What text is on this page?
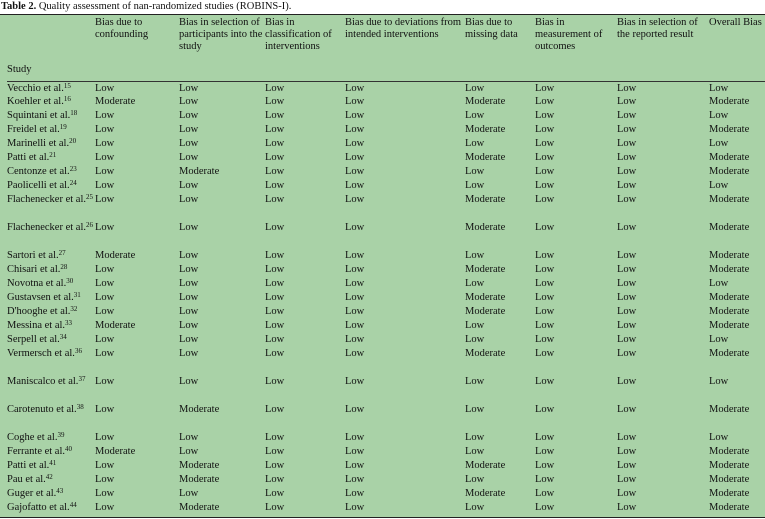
Table 2. Quality assessment of nan-randomized studies (ROBINS-I).
Study	Bias due to confounding	Bias in selection of participants into the study	Bias in classification of interventions	Bias due to deviations from intended interventions	Bias due to missing data	Bias in measurement of outcomes	Bias in selection of the reported result	Overall Bias
Vecchio et al.$^{15}$	Low	Low	Low	Low	Low	Low	Low	Low
Koehler et al.$^{16}$	Moderate	Low	Low	Low	Moderate	Low	Low	Moderate
Squintani et al.$^{18}$	Low	Low	Low	Low	Low	Low	Low	Low
Freidel et al.$^{19}$	Low	Low	Low	Low	Moderate	Low	Low	Moderate
Marinelli et al.$^{20}$	Low	Low	Low	Low	Low	Low	Low	Low
Patti et al.$^{21}$	Low	Low	Low	Low	Moderate	Low	Low	Moderate
Centonze et al.$^{23}$	Low	Moderate	Low	Low	Low	Low	Low	Moderate
Paolicelli et al.$^{24}$	Low	Low	Low	Low	Low	Low	Low	Low
Flachenecker et al.$^{25}$	Low	Low	Low	Low	Moderate	Low	Low	Moderate
Flachenecker et al.$^{26}$	Low	Low	Low	Low	Moderate	Low	Low	Moderate
Sartori et al.$^{27}$	Moderate	Low	Low	Low	Low	Low	Low	Moderate
Chisari et al.$^{28}$	Low	Low	Low	Low	Moderate	Low	Low	Moderate
Novotna et al.$^{30}$	Low	Low	Low	Low	Low	Low	Low	Low
Gustavsen et al.$^{31}$	Low	Low	Low	Low	Moderate	Low	Low	Moderate
D'hooghe et al.$^{32}$	Low	Low	Low	Low	Moderate	Low	Low	Moderate
Messina et al.$^{33}$	Moderate	Low	Low	Low	Low	Low	Low	Moderate
Serpell et al.$^{34}$	Low	Low	Low	Low	Low	Low	Low	Low
Vermersch et al.$^{36}$	Low	Low	Low	Low	Moderate	Low	Low	Moderate
Maniscalco et al.$^{37}$	Low	Low	Low	Low	Low	Low	Low	Low
Carotenuto et al.$^{38}$	Low	Moderate	Low	Low	Low	Low	Low	Moderate
Coghe et al.$^{39}$	Low	Low	Low	Low	Low	Low	Low	Low
Ferrante et al.$^{40}$	Moderate	Low	Low	Low	Low	Low	Low	Moderate
Patti et al.$^{41}$	Low	Moderate	Low	Low	Moderate	Low	Low	Moderate
Pau et al.$^{42}$	Low	Moderate	Low	Low	Low	Low	Low	Moderate
Guger et al.$^{43}$	Low	Low	Low	Low	Moderate	Low	Low	Moderate
Gajofatto et al.$^{44}$	Low	Moderate	Low	Low	Low	Low	Low	Moderate
